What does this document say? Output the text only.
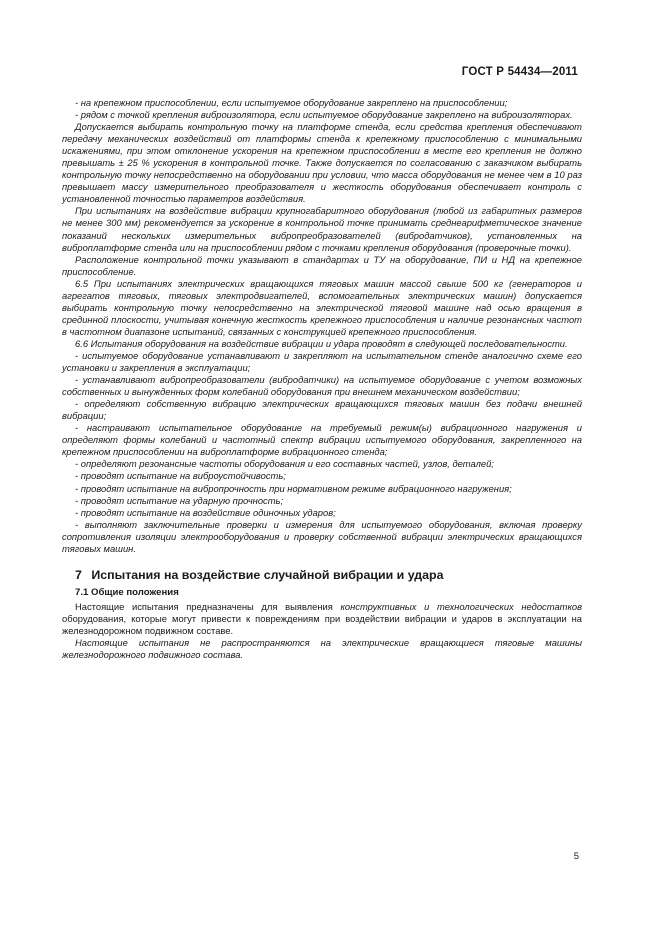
ГОСТ Р 54434—2011

- на крепежном приспособлении, если испытуемое оборудование закреплено на приспособлении;

- рядом с точкой крепления виброизолятора, если испытуемое оборудование закреплено на виброизоляторах.

Допускается выбирать контрольную точку на платформе стенда, если средства крепления обеспечивают передачу механических воздействий от платформы стенда к крепежному приспособлению с минимальными искажениями, при этом отклонение ускорения на крепежном приспособлении в месте его крепления не должно превышать ± 25 % ускорения в контрольной точке. Также допускается по согласованию с заказчиком выбирать контрольную точку непосредственно на оборудовании при условии, что масса оборудования не менее чем в 10 раз превышает массу измерительного преобразователя и жесткость оборудования обеспечивает контроль с установленной точностью параметров воздействия.

При испытаниях на воздействие вибрации крупногабаритного оборудования (любой из габаритных размеров не менее 300 мм) рекомендуется за ускорение в контрольной точке принимать среднеарифметическое значение показаний нескольких измерительных вибропреобразователей (вибродатчиков), установленных на виброплатформе стенда или на приспособлении рядом с точками крепления оборудования (проверочные точки).

Расположение контрольной точки указывают в стандартах и ТУ на оборудование, ПИ и НД на крепежное приспособление.

6.5 При испытаниях электрических вращающихся тяговых машин массой свыше 500 кг (генераторов и агрегатов тяговых, тяговых электродвигателей, вспомогательных электрических машин) допускается выбирать контрольную точку непосредственно на электрической тяговой машине над осью вращения в срединной плоскости, учитывая конечную жесткость крепежного приспособления и наличие резонансных частот в частотном диапазоне испытаний, связанных с конструкцией крепежного приспособления.

6.6 Испытания оборудования на воздействие вибрации и удара проводят в следующей последовательности.

- испытуемое оборудование устанавливают и закрепляют на испытательном стенде аналогично схеме его установки и закрепления в эксплуатации;

- устанавливают вибропреобразователи (вибродатчики) на испытуемое оборудование с учетом возможных собственных и вынужденных форм колебаний оборудования при внешнем механическом воздействии;

- определяют собственную вибрацию электрических вращающихся тяговых машин без подачи внешней вибрации;

- настраивают испытательное оборудование на требуемый режим(ы) вибрационного нагружения и определяют формы колебаний и частотный спектр вибрации испытуемого оборудования, закрепленного на крепежном приспособлении на виброплатформе вибрационного стенда;

- определяют резонансные частоты оборудования и его составных частей, узлов, деталей;

- проводят испытание на виброустойчивость;

- проводят испытание на вибропрочность при нормативном режиме вибрационного нагружения;

- проводят испытание на ударную прочность;

- проводят испытание на воздействие одиночных ударов;

- выполняют заключительные проверки и измерения для испытуемого оборудования, включая проверку сопротивления изоляции электрооборудования и проверку собственной вибрации электрических вращающихся тяговых машин.

7 Испытания на воздействие случайной вибрации и удара
7.1 Общие положения

Настоящие испытания предназначены для выявления конструктивных и технологических недостатков оборудования, которые могут привести к повреждениям при воздействии вибрации и ударов в эксплуатации на железнодорожном подвижном составе.

Настоящие испытания не распространяются на электрические вращающиеся тяговые машины железнодорожного подвижного состава.

5
